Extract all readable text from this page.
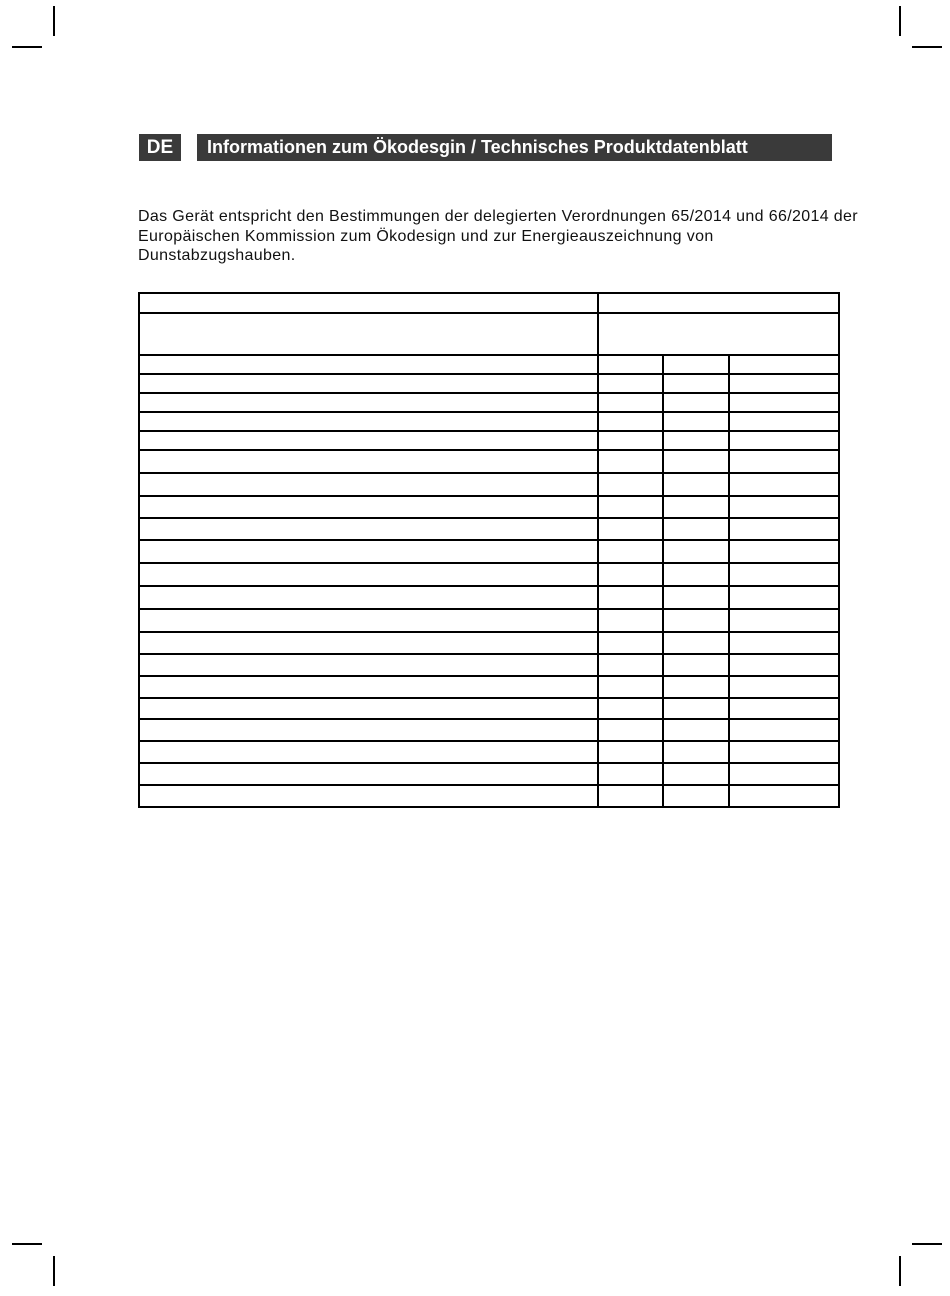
DE	Informationen zum Ökodesgin / Technisches Produktdatenblatt

Das Gerät entspricht den Bestimmungen der delegierten Verordnungen 65/2014 und 66/2014 der Europäischen Kommission zum Ökodesign und zur Energieauszeichnung von Dunstabzugshauben.
